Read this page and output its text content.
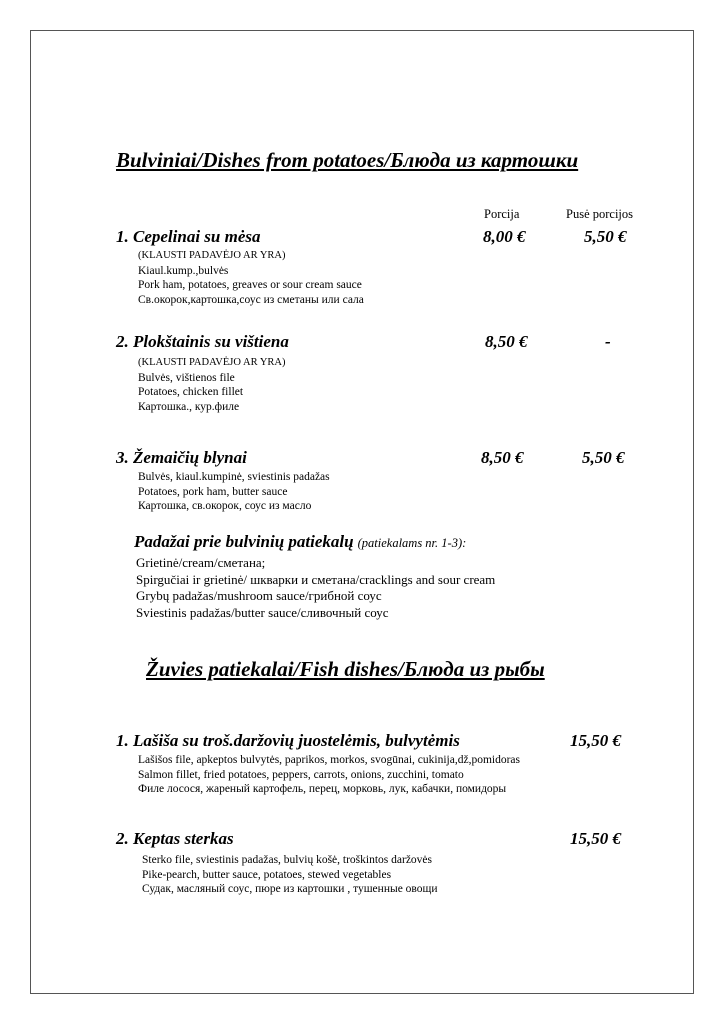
Bulviniai/Dishes from potatoes/Блюда из картошки
Porcija	Pusė porcijos
1. Cepelinai su mėsa	8,00 €	5,50 €
(KLAUSTI PADAVĖJO AR YRA)
Kiaul.kump.,bulvės
Pork ham, potatoes, greaves or sour cream sauce
Св.окорок,картошка,соус из сметаны или сала
2. Plokštainis su vištiena	8,50 €	-
(KLAUSTI PADAVĖJO AR YRA)
Bulvės, vištienos file
Potatoes, chicken fillet
Картошка., кур.филе
3. Žemaičių blynai	8,50 €	5,50 €
Bulvės, kiaul.kumpinė, sviestinis padažas
Potatoes, pork ham, butter sauce
Картошка, св.окорок, соус из масло
Padažai prie bulvinių patiekalų (patiekalams nr. 1-3):
Grietinė/cream/сметана;
Spirgučiai ir grietinė/ шкварки и сметана/cracklings and sour cream
Grybų padažas/mushroom sauce/грибной соус
Sviestinis padažas/butter sauce/сливочный соус
Žuvies patiekalai/Fish dishes/Блюда из рыбы
1. Lašiša su troš.daržovių juostelėmis, bulvytėmis	15,50 €
Lašišos file, apkeptos bulvytės, paprikos, morkos, svogūnai, cukinija,dž,pomidoras
Salmon fillet, fried potatoes, peppers, carrots, onions, zucchini, tomato
Филе лосося, жареный картофель, перец, морковь, лук, кабачки, помидоры
2. Keptas sterkas	15,50 €
Sterko file, sviestinis padažas, bulvių košė, troškintos daržovės
Pike-pearch, butter sauce, potatoes, stewed vegetables
Судак, масляный соус, пюре из картошки , тушенные овощи
